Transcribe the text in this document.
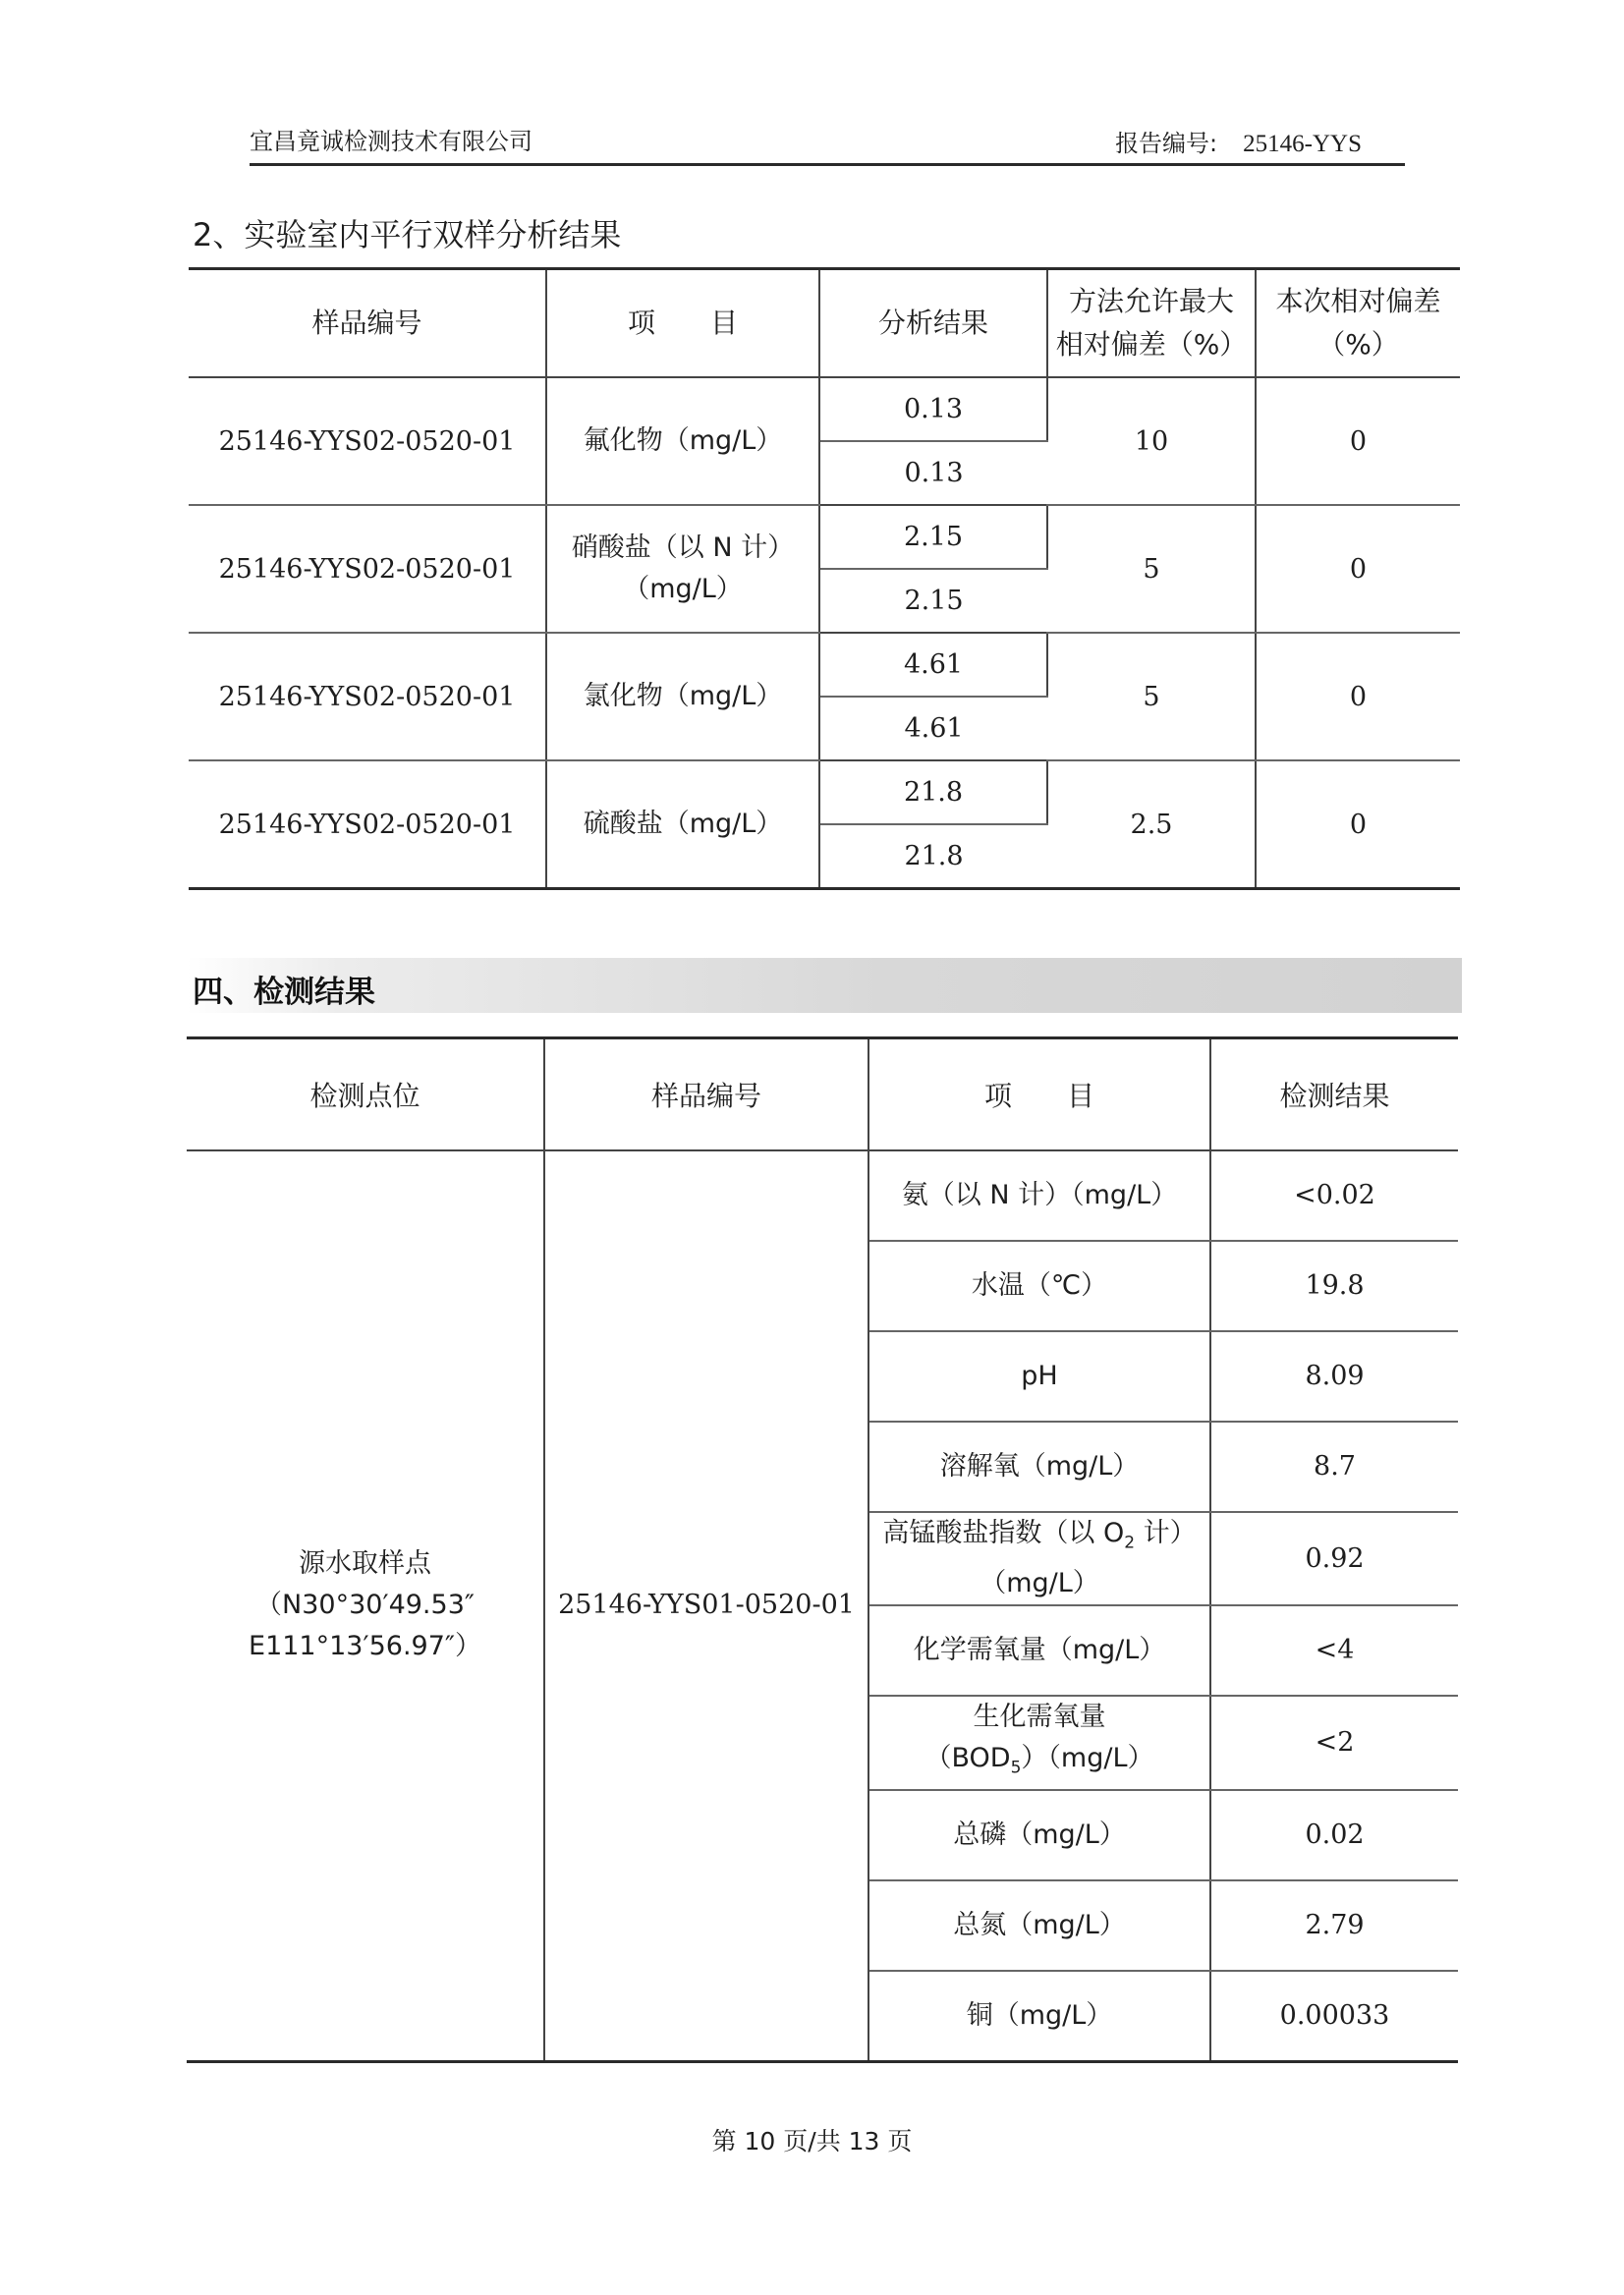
宜昌竟诚检测技术有限公司	报告编号: 25146-YYS
2、实验室内平行双样分析结果
样品编号	项　　目	分析结果	方法允许最大
相对偏差（%）	本次相对偏差
（%）
25146-YYS02-0520-01	氟化物（mg/L）	0.13	10	0
		0.13		
25146-YYS02-0520-01	硝酸盐（以 N 计）
（mg/L）	2.15	5	0
		2.15		
25146-YYS02-0520-01	氯化物（mg/L）	4.61	5	0
		4.61		
25146-YYS02-0520-01	硫酸盐（mg/L）	21.8	2.5	0
		21.8		
四、检测结果
检测点位	样品编号	项　　目	检测结果
源水取样点
（N30°30′49.53″
E111°13′56.97″）	25146-YYS01-0520-01	氨（以 N 计）（mg/L）	<0.02
		水温（℃）	19.8
		pH	8.09
		溶解氧（mg/L）	8.7
		高锰酸盐指数（以 $O_2$ 计）
（mg/L）	0.92
		化学需氧量（mg/L）	<4
		生化需氧量
$(BOD_5)(mg/L)$	<2
		总磷（mg/L）	0.02
		总氮（mg/L）	2.79
		铜（mg/L）	0.00033
第 10 页/共 13 页
